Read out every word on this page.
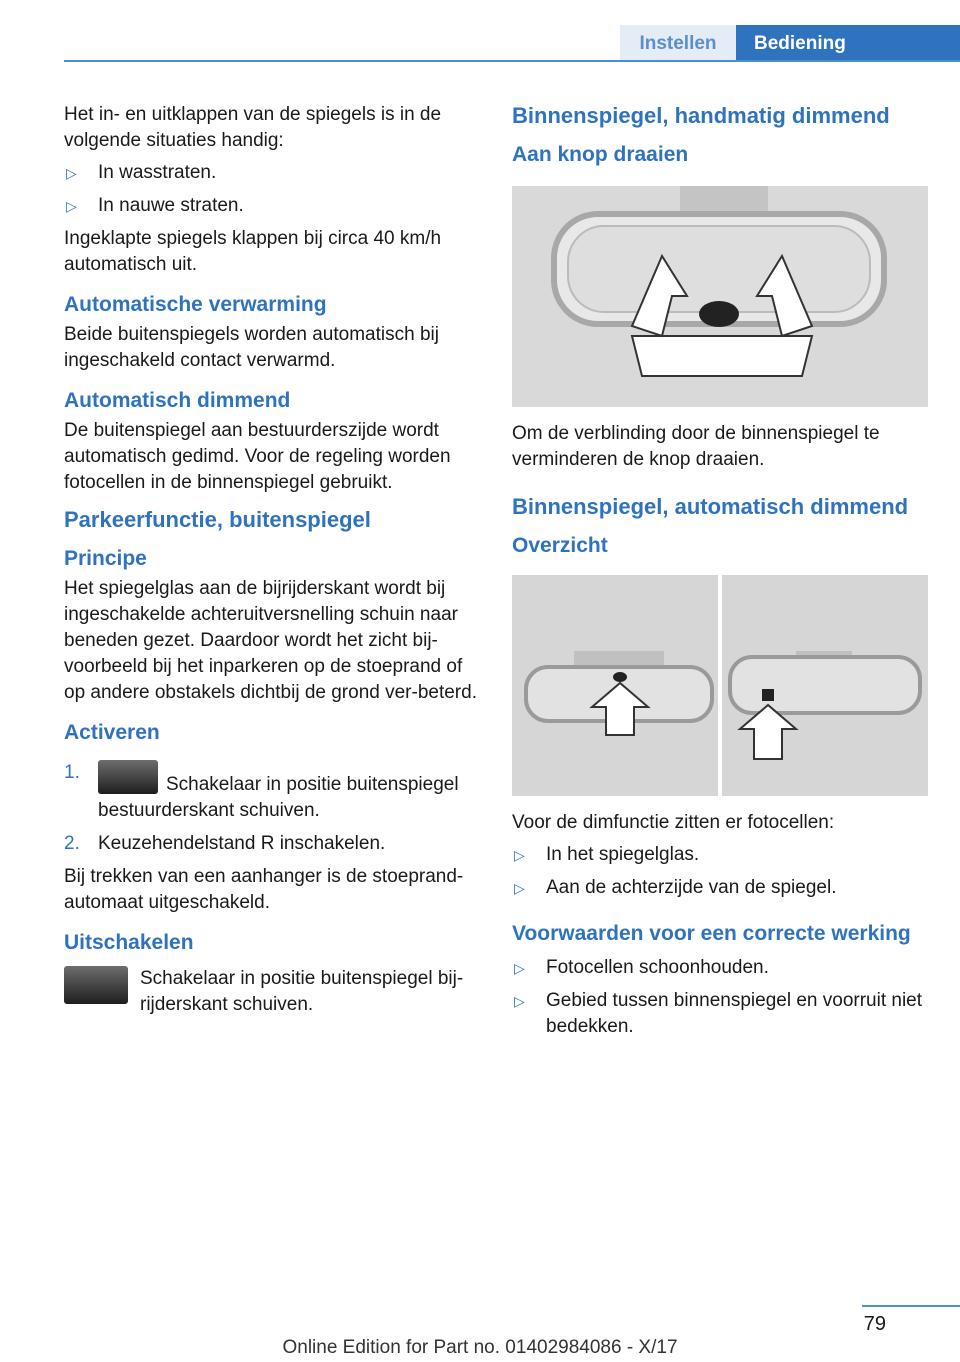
Instellen	Bediening

Het in- en uitklappen van de spiegels is in de volgende situaties handig:

▷ In wasstraten.
▷ In nauwe straten.

Ingeklapte spiegels klappen bij circa 40 km/h automatisch uit.

Automatische verwarming

Beide buitenspiegels worden automatisch bij ingeschakeld contact verwarmd.

Automatisch dimmend

De buitenspiegel aan bestuurderszijde wordt automatisch gedimd. Voor de regeling worden fotocellen in de binnenspiegel gebruikt.

Parkeerfunctie, buitenspiegel
Principe

Het spiegelglas aan de bijrijderskant wordt bij ingeschakelde achteruitversnelling schuin naar beneden gezet. Daardoor wordt het zicht bij-voorbeeld bij het inparkeren op de stoeprand of op andere obstakels dichtbij de grond ver-beterd.

Activeren
1.
Schakelaar in positie buitenspiegel bestuurderskant schuiven.
2. Keuzehendelstand R inschakelen.

Bij trekken van een aanhanger is de stoeprand-automaat uitgeschakeld.

Uitschakelen
Schakelaar in positie buitenspiegel bij-rijderskant schuiven.
Binnenspiegel, handmatig dimmend
Aan knop draaien

Om de verblinding door de binnenspiegel te verminderen de knop draaien.

Binnenspiegel, automatisch dimmend
Overzicht

Voor de dimfunctie zitten er fotocellen:

▷ In het spiegelglas.
▷ Aan de achterzijde van de spiegel.
Voorwaarden voor een correcte werking
▷ Fotocellen schoonhouden.
▷ Gebied tussen binnenspiegel en voorruit niet bedekken.
79
Online Edition for Part no. 01402984086 - X/17
